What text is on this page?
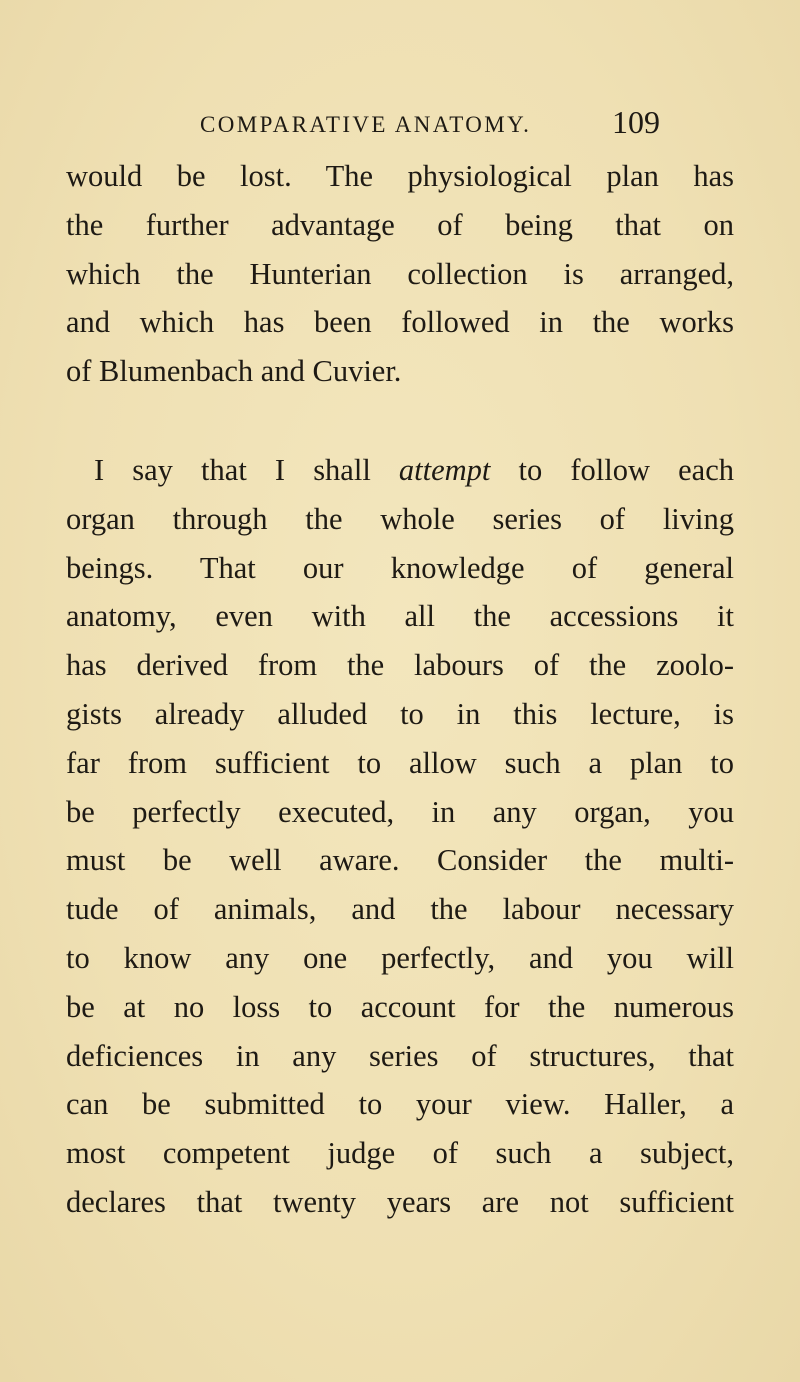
COMPARATIVE ANATOMY.	109
would be lost. The physiological plan has
the further advantage of being that on
which the Hunterian collection is arranged,
and which has been followed in the works
of Blumenbach and Cuvier.
I say that I shall attempt to follow each
organ through the whole series of living
beings. That our knowledge of general
anatomy, even with all the accessions it
has derived from the labours of the zoolo-
gists already alluded to in this lecture, is
far from sufficient to allow such a plan to
be perfectly executed, in any organ, you
must be well aware. Consider the multi-
tude of animals, and the labour necessary
to know any one perfectly, and you will
be at no loss to account for the numerous
deficiences in any series of structures, that
can be submitted to your view. Haller, a
most competent judge of such a subject,
declares that twenty years are not sufficient
